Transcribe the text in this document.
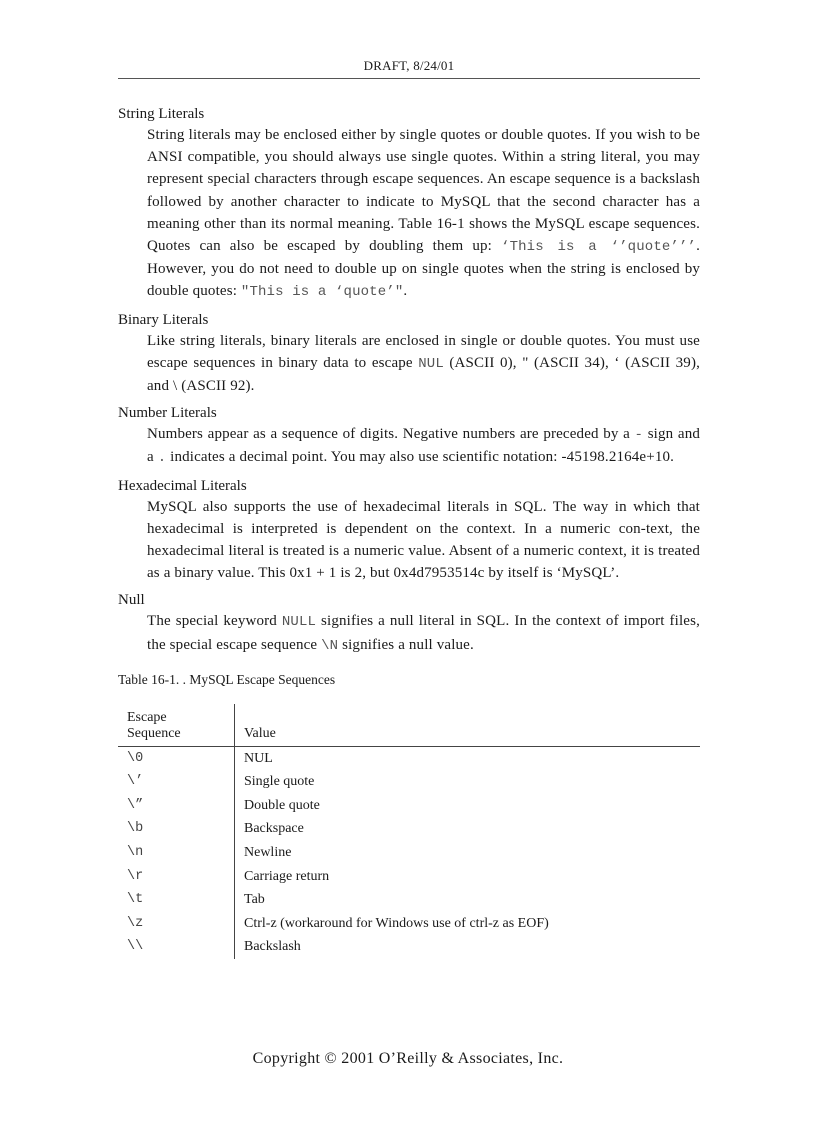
DRAFT, 8/24/01

String Literals

String literals may be enclosed either by single quotes or double quotes. If you wish to be ANSI compatible, you should always use single quotes. Within a string literal, you may represent special characters through escape sequences. An escape sequence is a backslash followed by another character to indicate to MySQL that the second character has a meaning other than its normal meaning. Table 16-1 shows the MySQL escape sequences. Quotes can also be escaped by doubling them up: ‘This is a ‘’quote’’’. However, you do not need to double up on single quotes when the string is enclosed by double quotes: "This is a ‘quote’".

Binary Literals

Like string literals, binary literals are enclosed in single or double quotes. You must use escape sequences in binary data to escape NUL (ASCII 0), " (ASCII 34), ‘ (ASCII 39), and \ (ASCII 92).

Number Literals

Numbers appear as a sequence of digits. Negative numbers are preceded by a - sign and a . indicates a decimal point. You may also use scientific notation: -45198.2164e+10.

Hexadecimal Literals

MySQL also supports the use of hexadecimal literals in SQL. The way in which that hexadecimal is interpreted is dependent on the context. In a numeric con-text, the hexadecimal literal is treated is a numeric value. Absent of a numeric context, it is treated as a binary value. This 0x1 + 1 is 2, but 0x4d7953514c by itself is ‘MySQL’.

Null

The special keyword NULL signifies a null literal in SQL. In the context of import files, the special escape sequence \N signifies a null value.

Table 16-1. . MySQL Escape Sequences

Escape
Sequence	Value
\0	NUL
\’	Single quote
\”	Double quote
\b	Backspace
\n	Newline
\r	Carriage return
\t	Tab
\z	Ctrl-z (workaround for Windows use of ctrl-z as EOF)
\\	Backslash
Copyright © 2001 O’Reilly & Associates, Inc.
